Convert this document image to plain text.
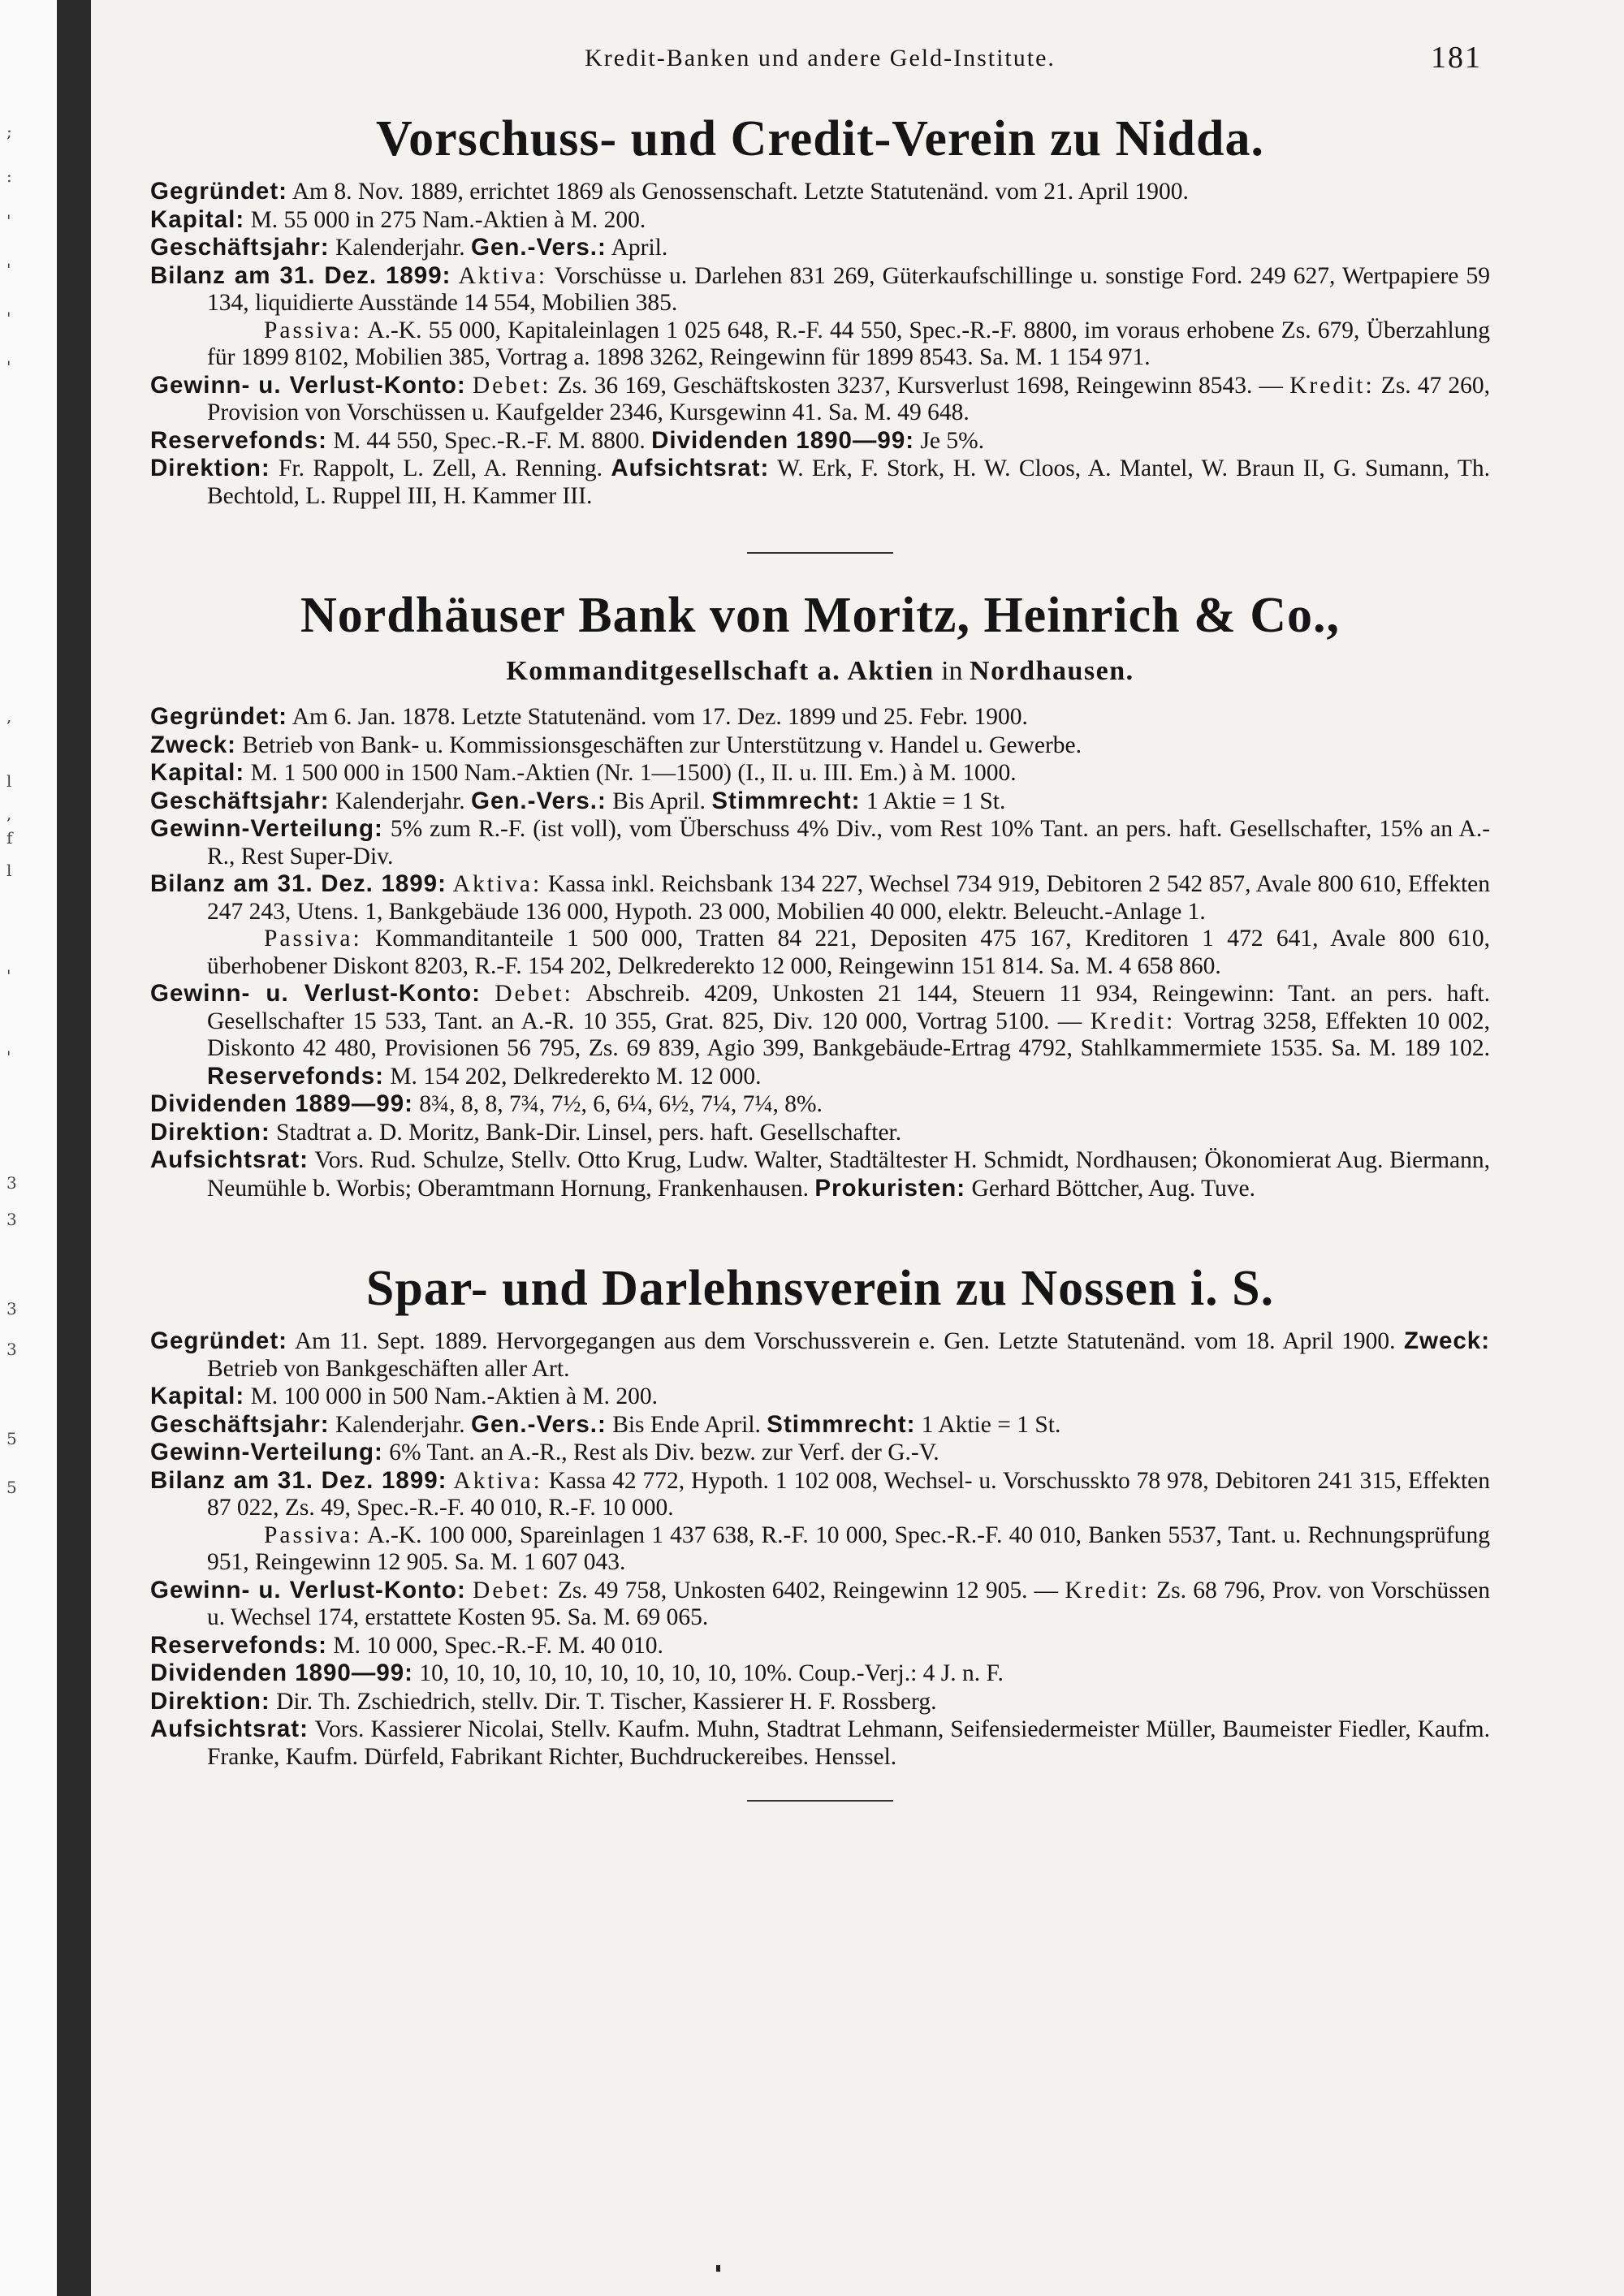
;
:
'
'
'
'
,
l
,
f
l
'
'
3
3
3
3
5
5
Kredit-Banken und andere Geld-Institute.	181
Vorschuss- und Credit-Verein zu Nidda.

Gegründet: Am 8. Nov. 1889, errichtet 1869 als Genossenschaft. Letzte Statutenänd. vom 21. April 1900.

Kapital: M. 55 000 in 275 Nam.-Aktien à M. 200.

Geschäftsjahr: Kalenderjahr. Gen.-Vers.: April.

Bilanz am 31. Dez. 1899: Aktiva: Vorschüsse u. Darlehen 831 269, Güterkaufschillinge u. sonstige Ford. 249 627, Wertpapiere 59 134, liquidierte Ausstände 14 554, Mobilien 385.

Passiva: A.-K. 55 000, Kapitaleinlagen 1 025 648, R.-F. 44 550, Spec.-R.-F. 8800, im voraus erhobene Zs. 679, Überzahlung für 1899 8102, Mobilien 385, Vortrag a. 1898 3262, Reingewinn für 1899 8543. Sa. M. 1 154 971.

Gewinn- u. Verlust-Konto: Debet: Zs. 36 169, Geschäftskosten 3237, Kursverlust 1698, Reingewinn 8543. — Kredit: Zs. 47 260, Provision von Vorschüssen u. Kaufgelder 2346, Kursgewinn 41. Sa. M. 49 648.

Reservefonds: M. 44 550, Spec.-R.-F. M. 8800. Dividenden 1890—99: Je 5%.

Direktion: Fr. Rappolt, L. Zell, A. Renning. Aufsichtsrat: W. Erk, F. Stork, H. W. Cloos, A. Mantel, W. Braun II, G. Sumann, Th. Bechtold, L. Ruppel III, H. Kammer III.

Nordhäuser Bank von Moritz, Heinrich & Co.,
Kommanditgesellschaft a. Aktien in Nordhausen.

Gegründet: Am 6. Jan. 1878. Letzte Statutenänd. vom 17. Dez. 1899 und 25. Febr. 1900.

Zweck: Betrieb von Bank- u. Kommissionsgeschäften zur Unterstützung v. Handel u. Gewerbe.

Kapital: M. 1 500 000 in 1500 Nam.-Aktien (Nr. 1—1500) (I., II. u. III. Em.) à M. 1000.

Geschäftsjahr: Kalenderjahr. Gen.-Vers.: Bis April. Stimmrecht: 1 Aktie = 1 St.

Gewinn-Verteilung: 5% zum R.-F. (ist voll), vom Überschuss 4% Div., vom Rest 10% Tant. an pers. haft. Gesellschafter, 15% an A.-R., Rest Super-Div.

Bilanz am 31. Dez. 1899: Aktiva: Kassa inkl. Reichsbank 134 227, Wechsel 734 919, Debitoren 2 542 857, Avale 800 610, Effekten 247 243, Utens. 1, Bankgebäude 136 000, Hypoth. 23 000, Mobilien 40 000, elektr. Beleucht.-Anlage 1.

Passiva: Kommanditanteile 1 500 000, Tratten 84 221, Depositen 475 167, Kreditoren 1 472 641, Avale 800 610, überhobener Diskont 8203, R.-F. 154 202, Delkrederekto 12 000, Reingewinn 151 814. Sa. M. 4 658 860.

Gewinn- u. Verlust-Konto: Debet: Abschreib. 4209, Unkosten 21 144, Steuern 11 934, Reingewinn: Tant. an pers. haft. Gesellschafter 15 533, Tant. an A.-R. 10 355, Grat. 825, Div. 120 000, Vortrag 5100. — Kredit: Vortrag 3258, Effekten 10 002, Diskonto 42 480, Provisionen 56 795, Zs. 69 839, Agio 399, Bankgebäude-Ertrag 4792, Stahlkammermiete 1535. Sa. M. 189 102. Reservefonds: M. 154 202, Delkrederekto M. 12 000.

Dividenden 1889—99: 8¾, 8, 8, 7¾, 7½, 6, 6¼, 6½, 7¼, 7¼, 8%.

Direktion: Stadtrat a. D. Moritz, Bank-Dir. Linsel, pers. haft. Gesellschafter.

Aufsichtsrat: Vors. Rud. Schulze, Stellv. Otto Krug, Ludw. Walter, Stadtältester H. Schmidt, Nordhausen; Ökonomierat Aug. Biermann, Neumühle b. Worbis; Oberamtmann Hornung, Frankenhausen. Prokuristen: Gerhard Böttcher, Aug. Tuve.

Spar- und Darlehnsverein zu Nossen i. S.

Gegründet: Am 11. Sept. 1889. Hervorgegangen aus dem Vorschussverein e. Gen. Letzte Statutenänd. vom 18. April 1900. Zweck: Betrieb von Bankgeschäften aller Art.

Kapital: M. 100 000 in 500 Nam.-Aktien à M. 200.

Geschäftsjahr: Kalenderjahr. Gen.-Vers.: Bis Ende April. Stimmrecht: 1 Aktie = 1 St.

Gewinn-Verteilung: 6% Tant. an A.-R., Rest als Div. bezw. zur Verf. der G.-V.

Bilanz am 31. Dez. 1899: Aktiva: Kassa 42 772, Hypoth. 1 102 008, Wechsel- u. Vorschusskto 78 978, Debitoren 241 315, Effekten 87 022, Zs. 49, Spec.-R.-F. 40 010, R.-F. 10 000.

Passiva: A.-K. 100 000, Spareinlagen 1 437 638, R.-F. 10 000, Spec.-R.-F. 40 010, Banken 5537, Tant. u. Rechnungsprüfung 951, Reingewinn 12 905. Sa. M. 1 607 043.

Gewinn- u. Verlust-Konto: Debet: Zs. 49 758, Unkosten 6402, Reingewinn 12 905. — Kredit: Zs. 68 796, Prov. von Vorschüssen u. Wechsel 174, erstattete Kosten 95. Sa. M. 69 065.

Reservefonds: M. 10 000, Spec.-R.-F. M. 40 010.

Dividenden 1890—99: 10, 10, 10, 10, 10, 10, 10, 10, 10, 10%. Coup.-Verj.: 4 J. n. F.

Direktion: Dir. Th. Zschiedrich, stellv. Dir. T. Tischer, Kassierer H. F. Rossberg.

Aufsichtsrat: Vors. Kassierer Nicolai, Stellv. Kaufm. Muhn, Stadtrat Lehmann, Seifensiedermeister Müller, Baumeister Fiedler, Kaufm. Franke, Kaufm. Dürfeld, Fabrikant Richter, Buchdruckereibes. Henssel.
